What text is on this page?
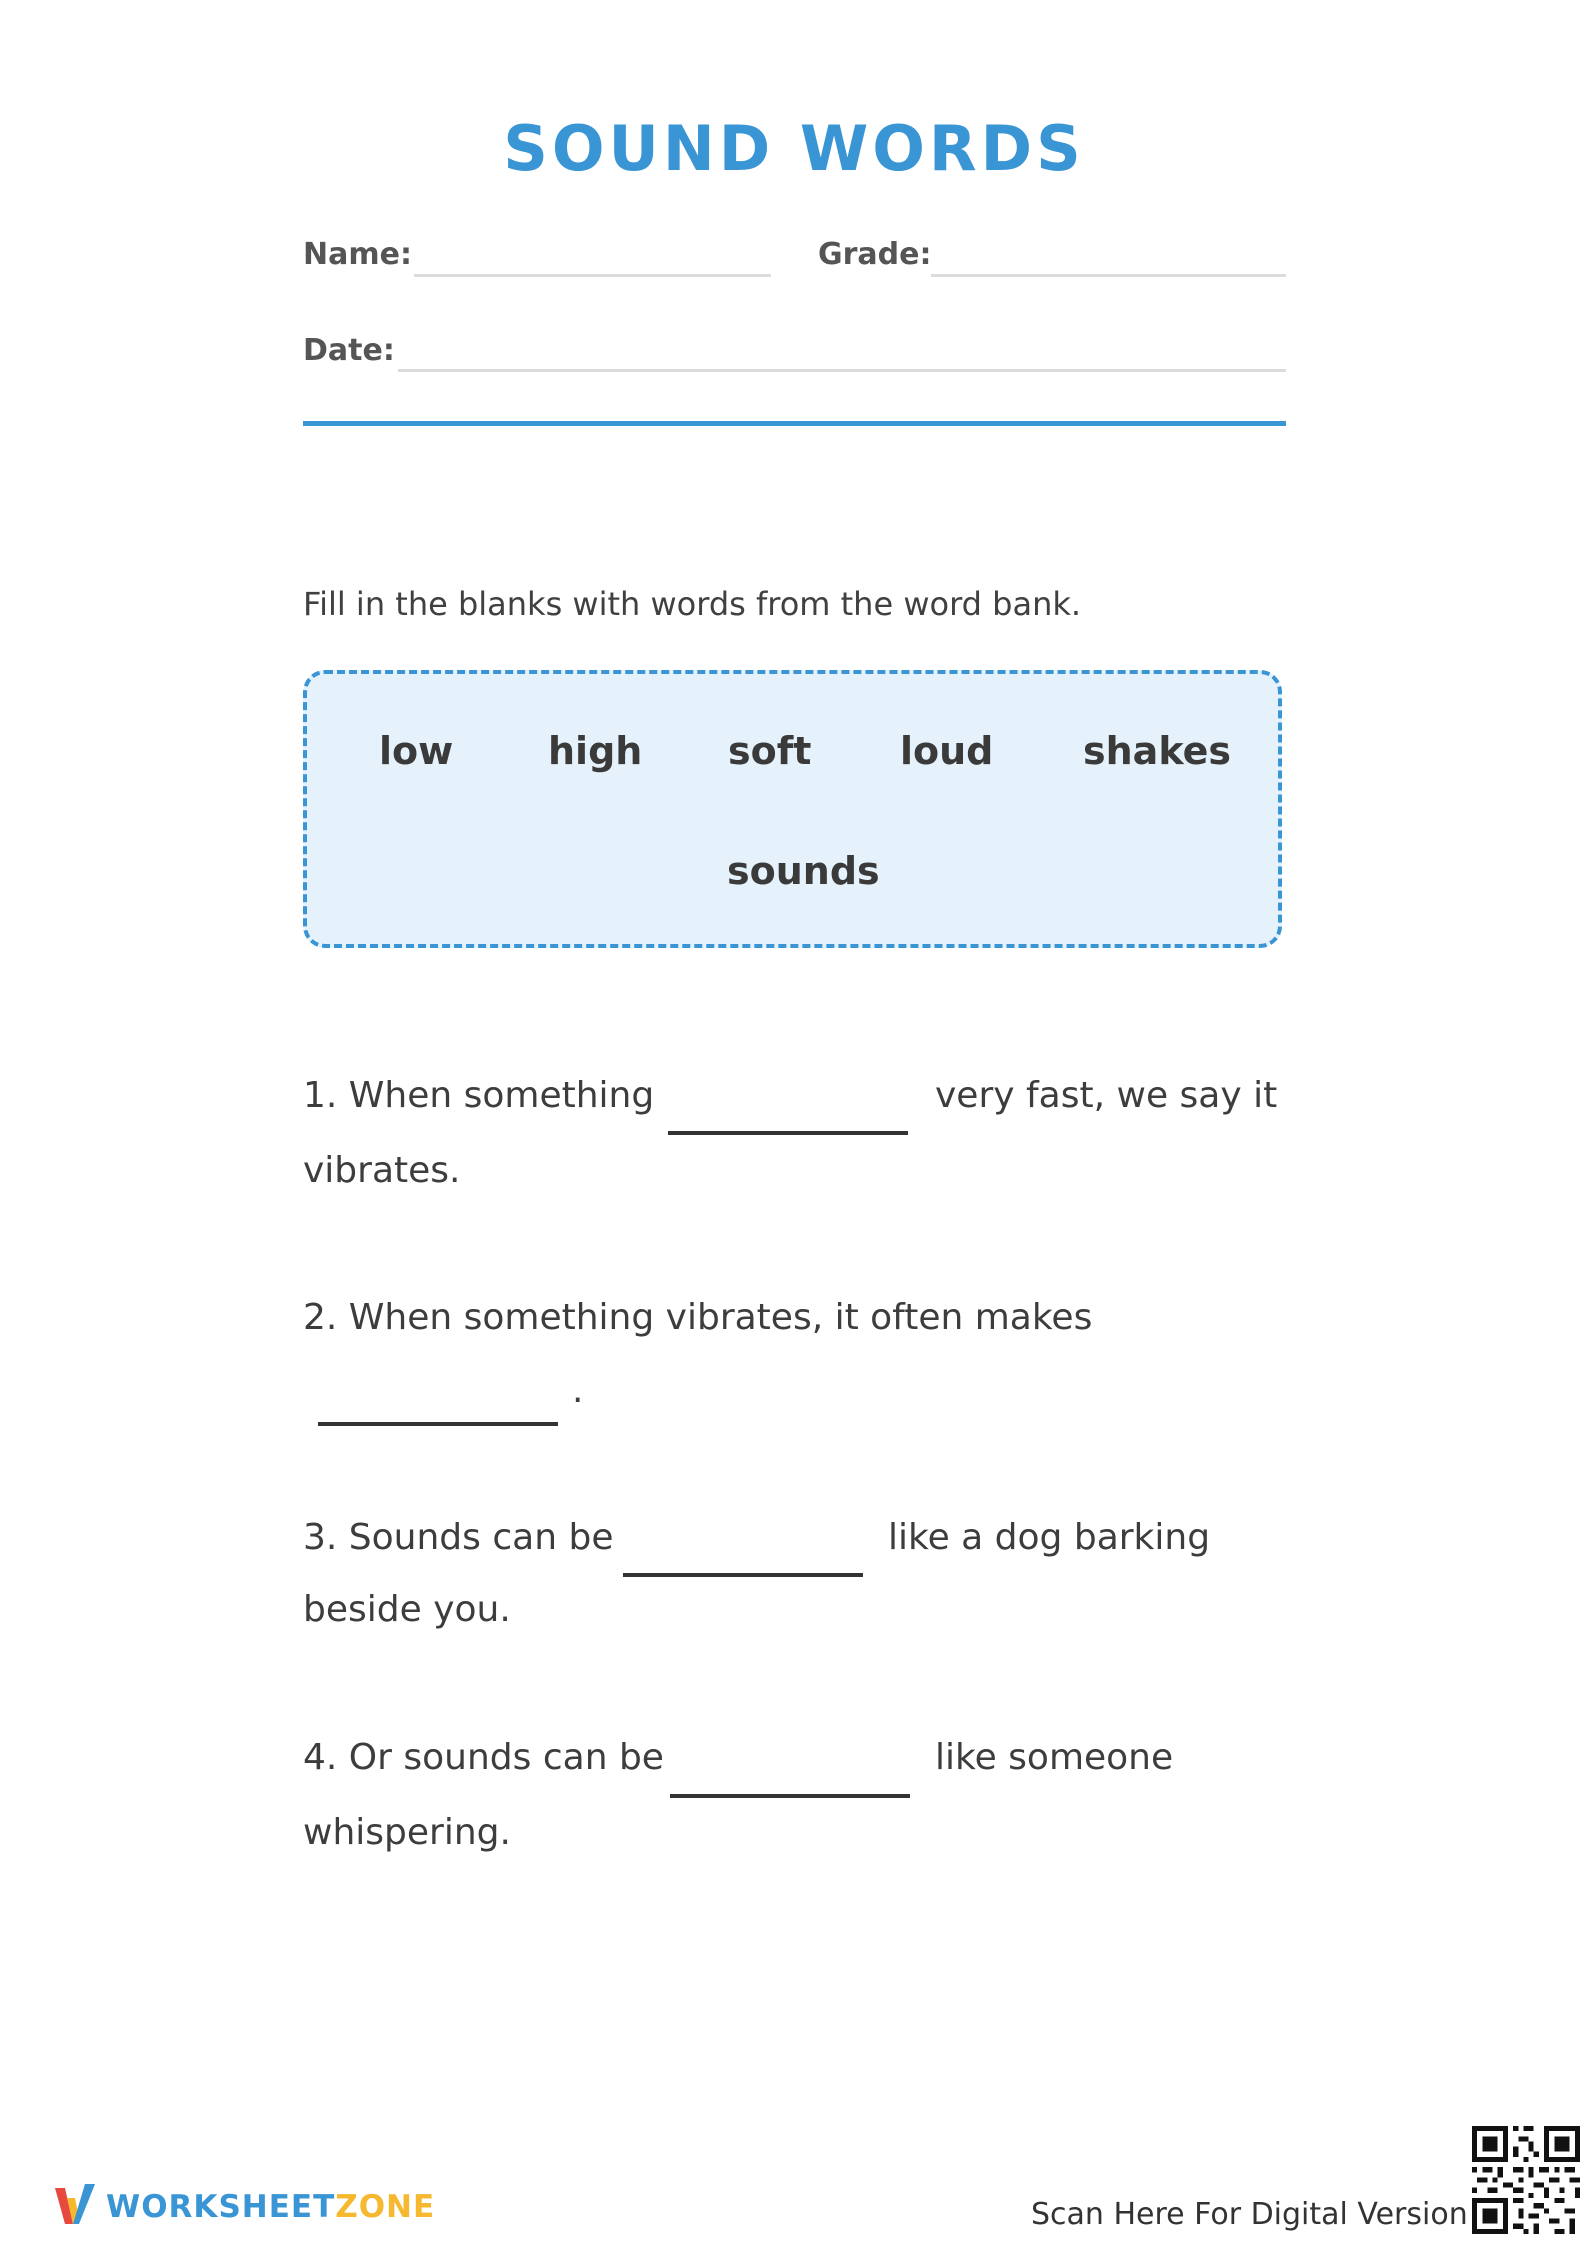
SOUND WORDS
Name:	Grade:
Date:
Fill in the blanks with words from the word bank.
low high soft loud shakes
sounds
1. When something	very fast, we say it
vibrates.
2. When something vibrates, it often makes
.
3. Sounds can be	like a dog barking
beside you.
4. Or sounds can be	like someone
whispering.
WORKSHEETZONE	Scan Here For Digital Version
